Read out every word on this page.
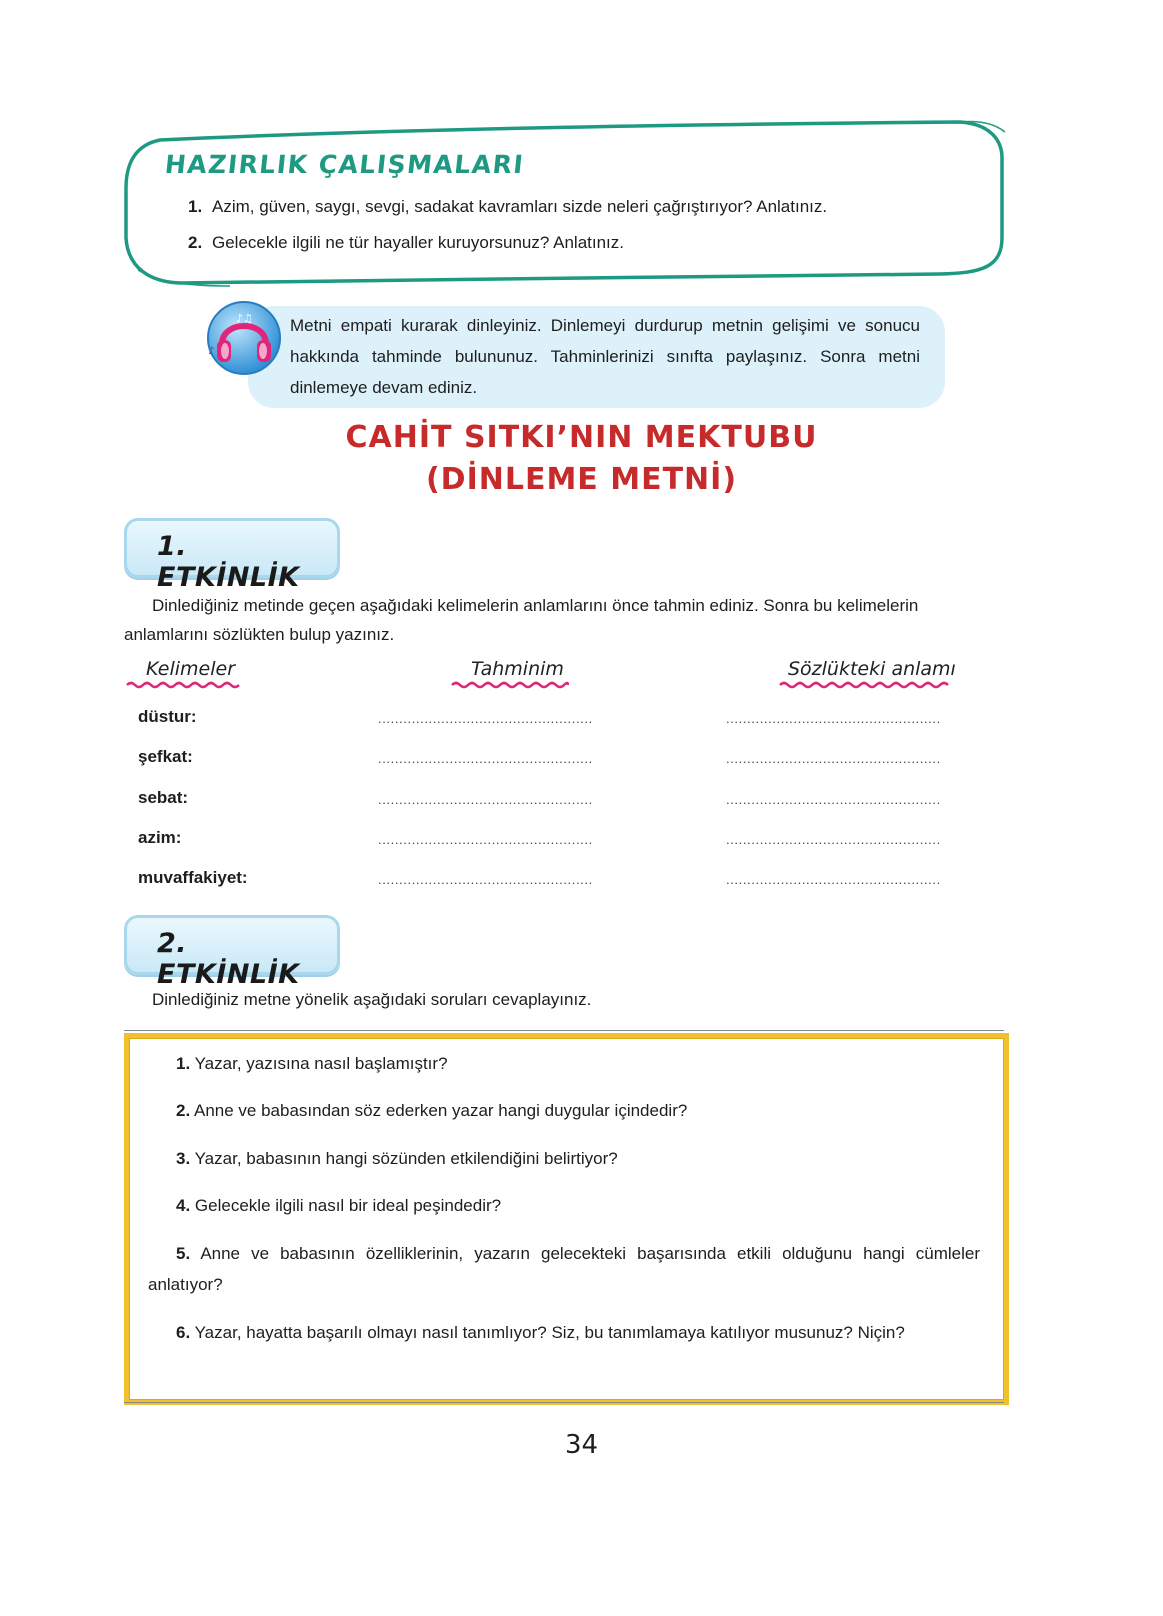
HAZIRLIK ÇALIŞMALARI
1. Azim, güven, saygı, sevgi, sadakat kavramları sizde neleri çağrıştırıyor? Anlatınız.
2. Gelecekle ilgili ne tür hayaller kuruyorsunuz? Anlatınız.
♪♫
♪
Metni empati kurarak dinleyiniz. Dinlemeyi durdurup metnin gelişimi ve sonucu hakkında tahminde bulununuz. Tahminlerinizi sınıfta paylaşınız. Sonra metni dinlemeye devam ediniz.
CAHİT SITKI’NIN MEKTUBU
(DİNLEME METNİ)
1. ETKİNLİK
Dinlediğiniz metinde geçen aşağıdaki kelimelerin anlamlarını önce tahmin ediniz. Sonra bu kelimelerin anlamlarını sözlükten bulup yazınız.
Kelimeler	Tahminim	Sözlükteki anlamı
düstur:	...................................................	...................................................
şefkat:	...................................................	...................................................
sebat:	...................................................	...................................................
azim:	...................................................	...................................................
muvaffakiyet:	...................................................	...................................................
2. ETKİNLİK
Dinlediğiniz metne yönelik aşağıdaki soruları cevaplayınız.
1. Yazar, yazısına nasıl başlamıştır?
2. Anne ve babasından söz ederken yazar hangi duygular içindedir?
3. Yazar, babasının hangi sözünden etkilendiğini belirtiyor?
4. Gelecekle ilgili nasıl bir ideal peşindedir?
5. Anne ve babasının özelliklerinin, yazarın gelecekteki başarısında etkili olduğunu hangi cümleler anlatıyor?
6. Yazar, hayatta başarılı olmayı nasıl tanımlıyor? Siz, bu tanımlamaya katılıyor musunuz? Niçin?
34
